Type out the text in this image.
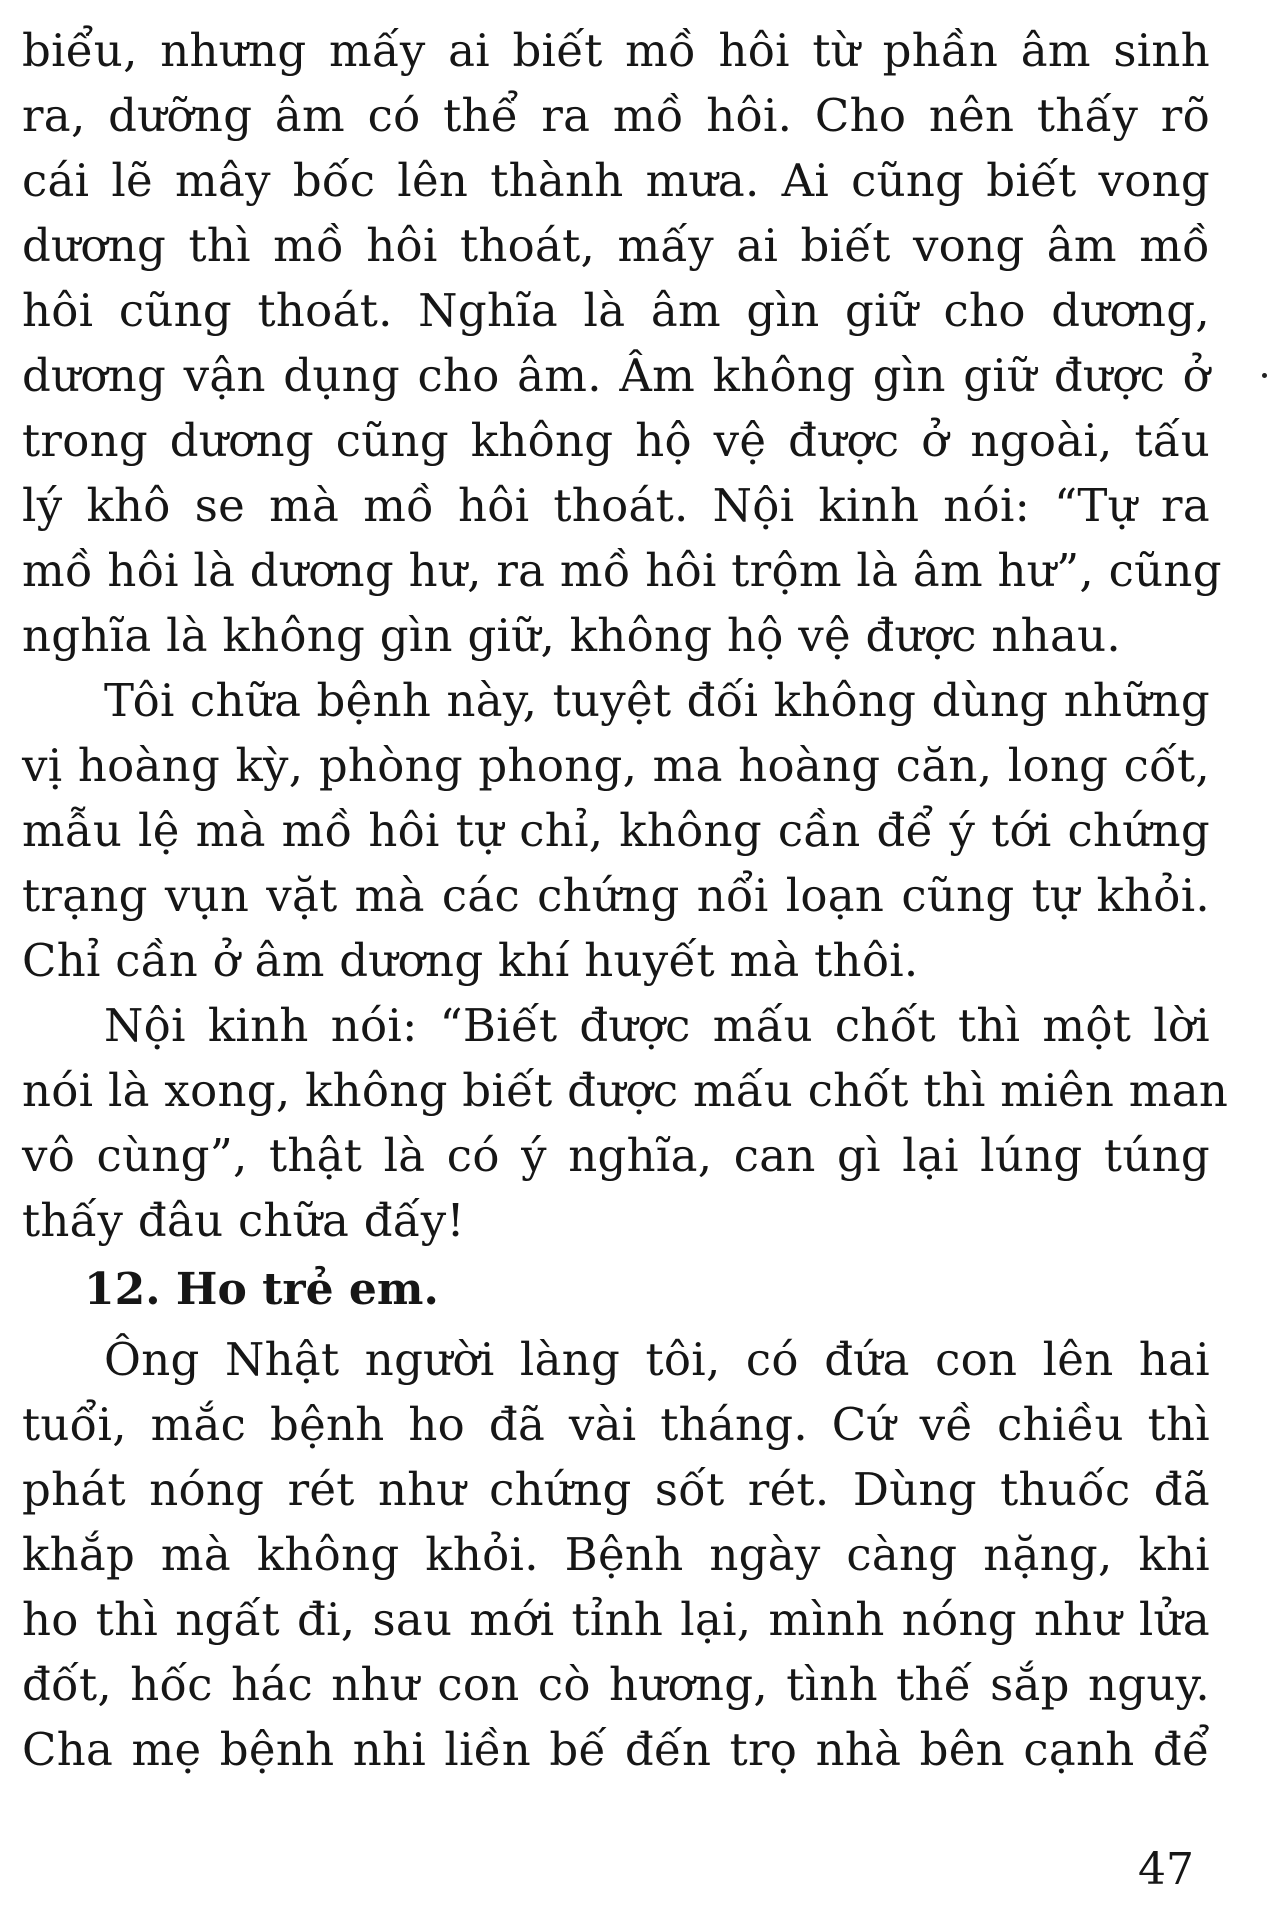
biểu, nhưng mấy ai biết mồ hôi từ phần âm sinh
ra, dưỡng âm có thể ra mồ hôi. Cho nên thấy rõ
cái lẽ mây bốc lên thành mưa. Ai cũng biết vong
dương thì mồ hôi thoát, mấy ai biết vong âm mồ
hôi cũng thoát. Nghĩa là âm gìn giữ cho dương,
dương vận dụng cho âm. Âm không gìn giữ được ở
trong dương cũng không hộ vệ được ở ngoài, tấu
lý khô se mà mồ hôi thoát. Nội kinh nói: “Tự ra
mồ hôi là dương hư, ra mồ hôi trộm là âm hư”, cũng
nghĩa là không gìn giữ, không hộ vệ được nhau.
Tôi chữa bệnh này, tuyệt đối không dùng những
vị hoàng kỳ, phòng phong, ma hoàng căn, long cốt,
mẫu lệ mà mồ hôi tự chỉ, không cần để ý tới chứng
trạng vụn vặt mà các chứng nổi loạn cũng tự khỏi.
Chỉ cần ở âm dương khí huyết mà thôi.
Nội kinh nói: “Biết được mấu chốt thì một lời
nói là xong, không biết được mấu chốt thì miên man
vô cùng”, thật là có ý nghĩa, can gì lại lúng túng
thấy đâu chữa đấy!
12. Ho trẻ em.
Ông Nhật người làng tôi, có đứa con lên hai
tuổi, mắc bệnh ho đã vài tháng. Cứ về chiều thì
phát nóng rét như chứng sốt rét. Dùng thuốc đã
khắp mà không khỏi. Bệnh ngày càng nặng, khi
ho thì ngất đi, sau mới tỉnh lại, mình nóng như lửa
đốt, hốc hác như con cò hương, tình thế sắp nguy.
Cha mẹ bệnh nhi liền bế đến trọ nhà bên cạnh để
47
